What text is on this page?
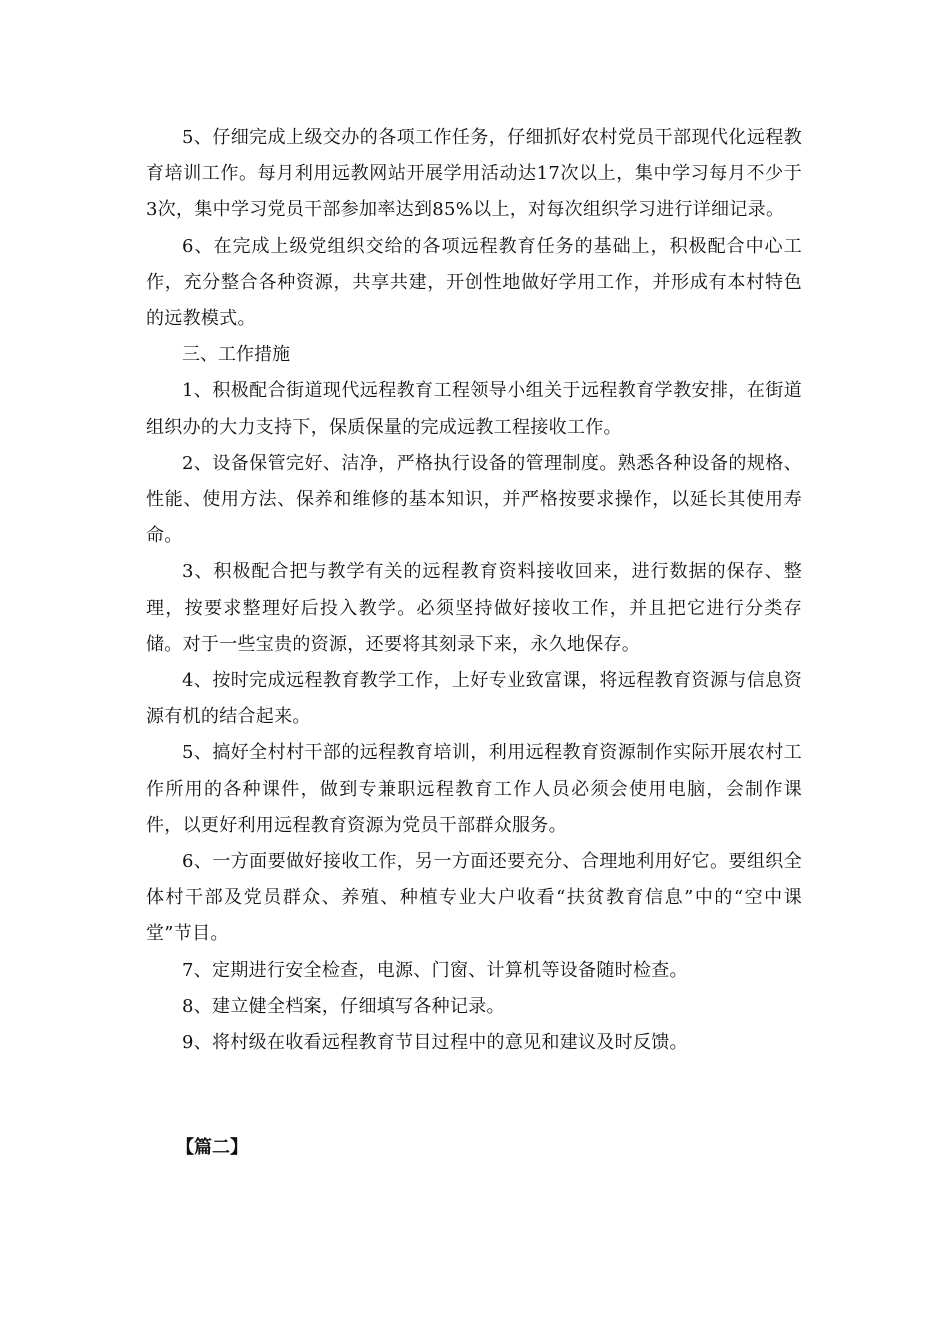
5、仔细完成上级交办的各项工作任务，仔细抓好农村党员干部现代化远程教育培训工作。每月利用远教网站开展学用活动达17次以上，集中学习每月不少于3次，集中学习党员干部参加率达到85%以上，对每次组织学习进行详细记录。

6、在完成上级党组织交给的各项远程教育任务的基础上，积极配合中心工作，充分整合各种资源，共享共建，开创性地做好学用工作，并形成有本村特色的远教模式。

三、工作措施

1、积极配合街道现代远程教育工程领导小组关于远程教育学教安排，在街道组织办的大力支持下，保质保量的完成远教工程接收工作。

2、设备保管完好、洁净，严格执行设备的管理制度。熟悉各种设备的规格、性能、使用方法、保养和维修的基本知识，并严格按要求操作，以延长其使用寿命。

3、积极配合把与教学有关的远程教育资料接收回来，进行数据的保存、整理，按要求整理好后投入教学。必须坚持做好接收工作，并且把它进行分类存储。对于一些宝贵的资源，还要将其刻录下来，永久地保存。

4、按时完成远程教育教学工作，上好专业致富课，将远程教育资源与信息资源有机的结合起来。

5、搞好全村村干部的远程教育培训，利用远程教育资源制作实际开展农村工作所用的各种课件，做到专兼职远程教育工作人员必须会使用电脑，会制作课件，以更好利用远程教育资源为党员干部群众服务。

6、一方面要做好接收工作，另一方面还要充分、合理地利用好它。要组织全体村干部及党员群众、养殖、种植专业大户收看“扶贫教育信息”中的“空中课堂”节目。

7、定期进行安全检查，电源、门窗、计算机等设备随时检查。

8、建立健全档案，仔细填写各种记录。

9、将村级在收看远程教育节目过程中的意见和建议及时反馈。

【篇二】
